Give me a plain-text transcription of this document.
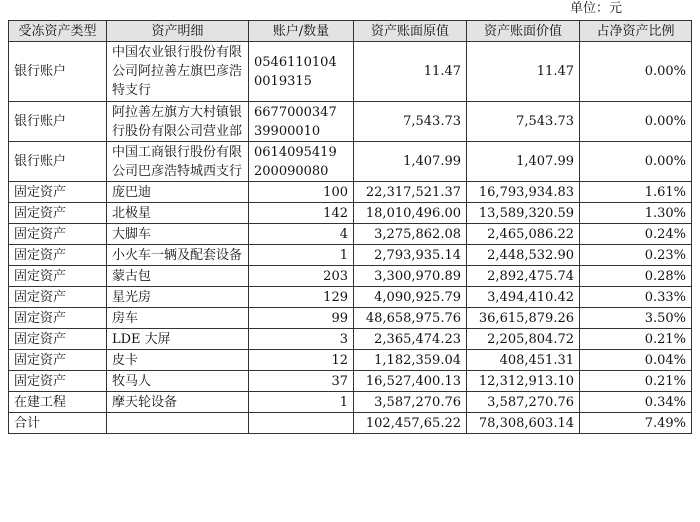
单位：元
受冻资产类型	资产明细	账户/数量	资产账面原值	资产账面价值	占净资产比例
银行账户	中国农业银行股份有限
公司阿拉善左旗巴彦浩
特支行	0546110104
0019315	11.47	11.47	0.00%
银行账户	阿拉善左旗方大村镇银
行股份有限公司营业部	6677000347
39900010	7,543.73	7,543.73	0.00%
银行账户	中国工商银行股份有限
公司巴彦浩特城西支行	0614095419
200090080	1,407.99	1,407.99	0.00%
固定资产	庞巴迪	100	22,317,521.37	16,793,934.83	1.61%
固定资产	北极星	142	18,010,496.00	13,589,320.59	1.30%
固定资产	大脚车	4	3,275,862.08	2,465,086.22	0.24%
固定资产	小火车一辆及配套设备	1	2,793,935.14	2,448,532.90	0.23%
固定资产	蒙古包	203	3,300,970.89	2,892,475.74	0.28%
固定资产	星光房	129	4,090,925.79	3,494,410.42	0.33%
固定资产	房车	99	48,658,975.76	36,615,879.26	3.50%
固定资产	LDE 大屏	3	2,365,474.23	2,205,804.72	0.21%
固定资产	皮卡	12	1,182,359.04	408,451.31	0.04%
固定资产	牧马人	37	16,527,400.13	12,312,913.10	0.21%
在建工程	摩天轮设备	1	3,587,270.76	3,587,270.76	0.34%
合计			102,457,65.22	78,308,603.14	7.49%
